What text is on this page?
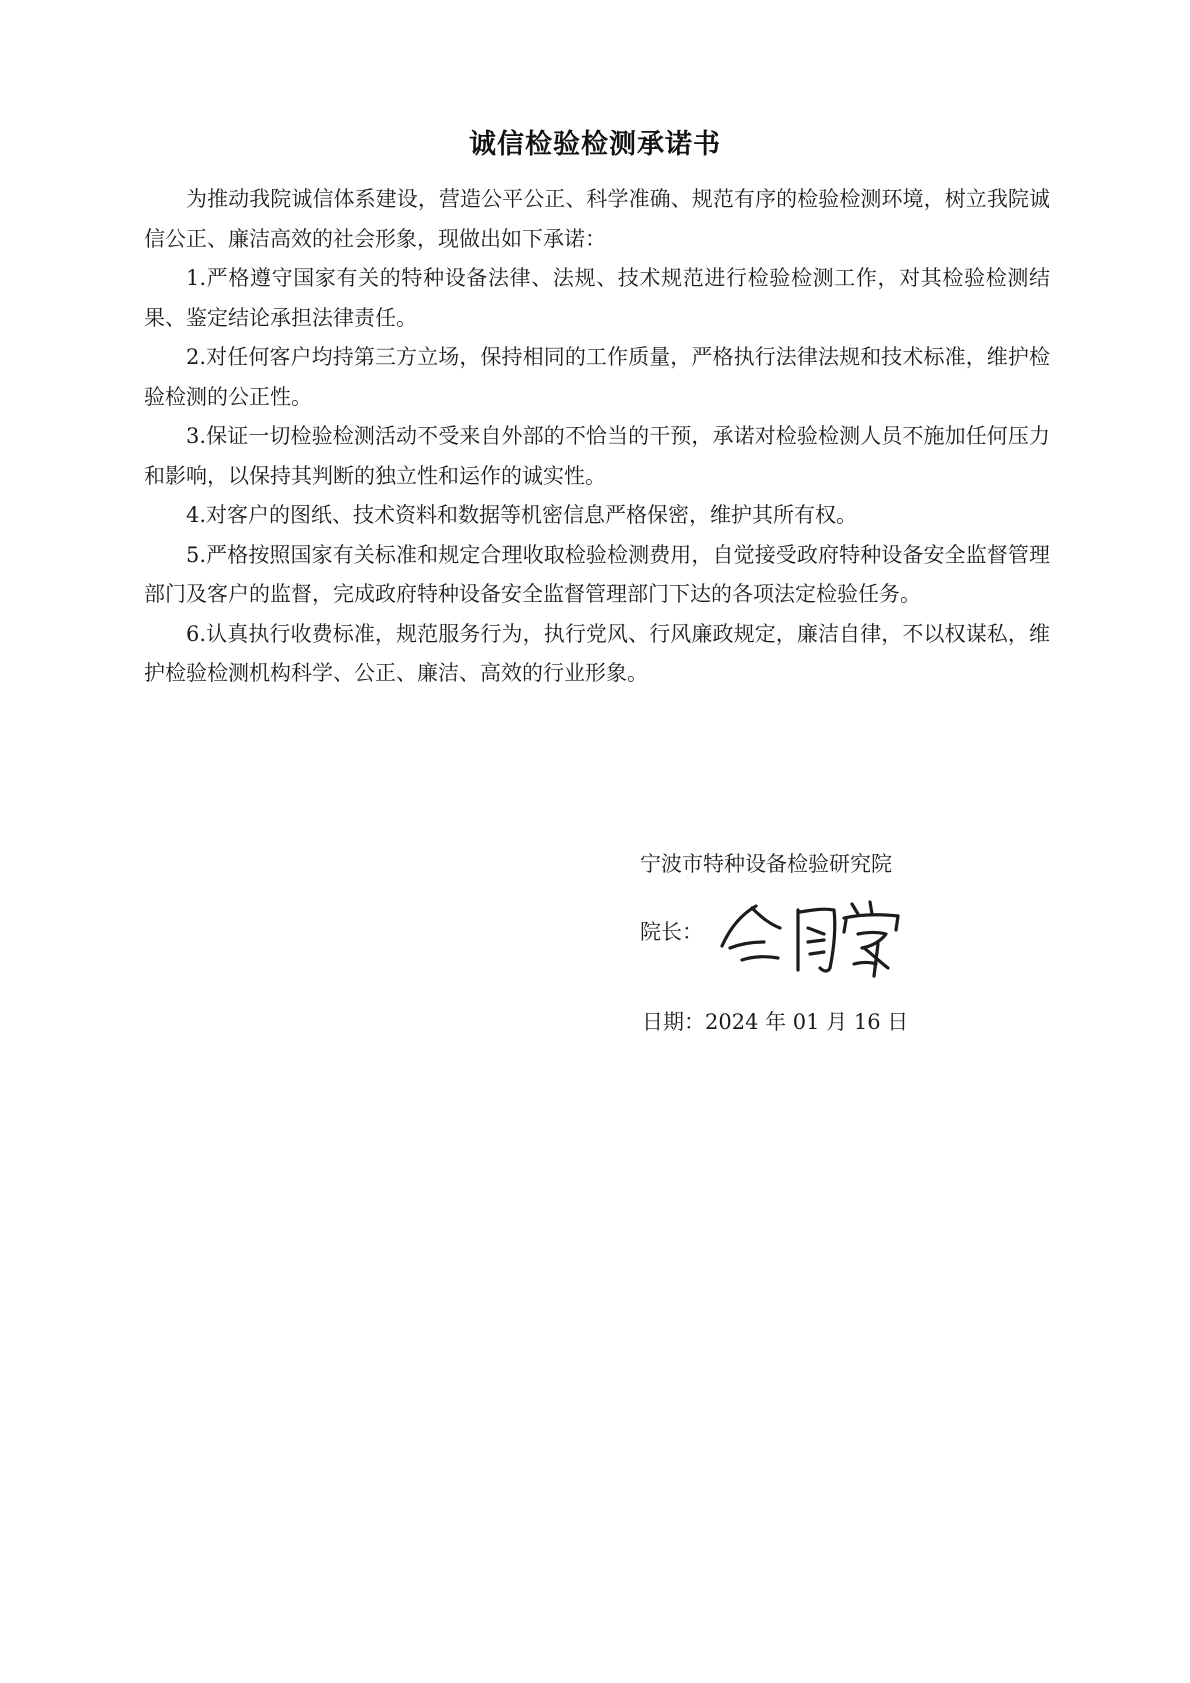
诚信检验检测承诺书

为推动我院诚信体系建设，营造公平公正、科学准确、规范有序的检验检测环境，树立我院诚信公正、廉洁高效的社会形象，现做出如下承诺：

1.严格遵守国家有关的特种设备法律、法规、技术规范进行检验检测工作，对其检验检测结果、鉴定结论承担法律责任。

2.对任何客户均持第三方立场，保持相同的工作质量，严格执行法律法规和技术标准，维护检验检测的公正性。

3.保证一切检验检测活动不受来自外部的不恰当的干预，承诺对检验检测人员不施加任何压力和影响，以保持其判断的独立性和运作的诚实性。

4.对客户的图纸、技术资料和数据等机密信息严格保密，维护其所有权。

5.严格按照国家有关标准和规定合理收取检验检测费用，自觉接受政府特种设备安全监督管理部门及客户的监督，完成政府特种设备安全监督管理部门下达的各项法定检验任务。

6.认真执行收费标准，规范服务行为，执行党风、行风廉政规定，廉洁自律，不以权谋私，维护检验检测机构科学、公正、廉洁、高效的行业形象。

宁波市特种设备检验研究院
院长：
日期：2024 年 01 月 16 日
